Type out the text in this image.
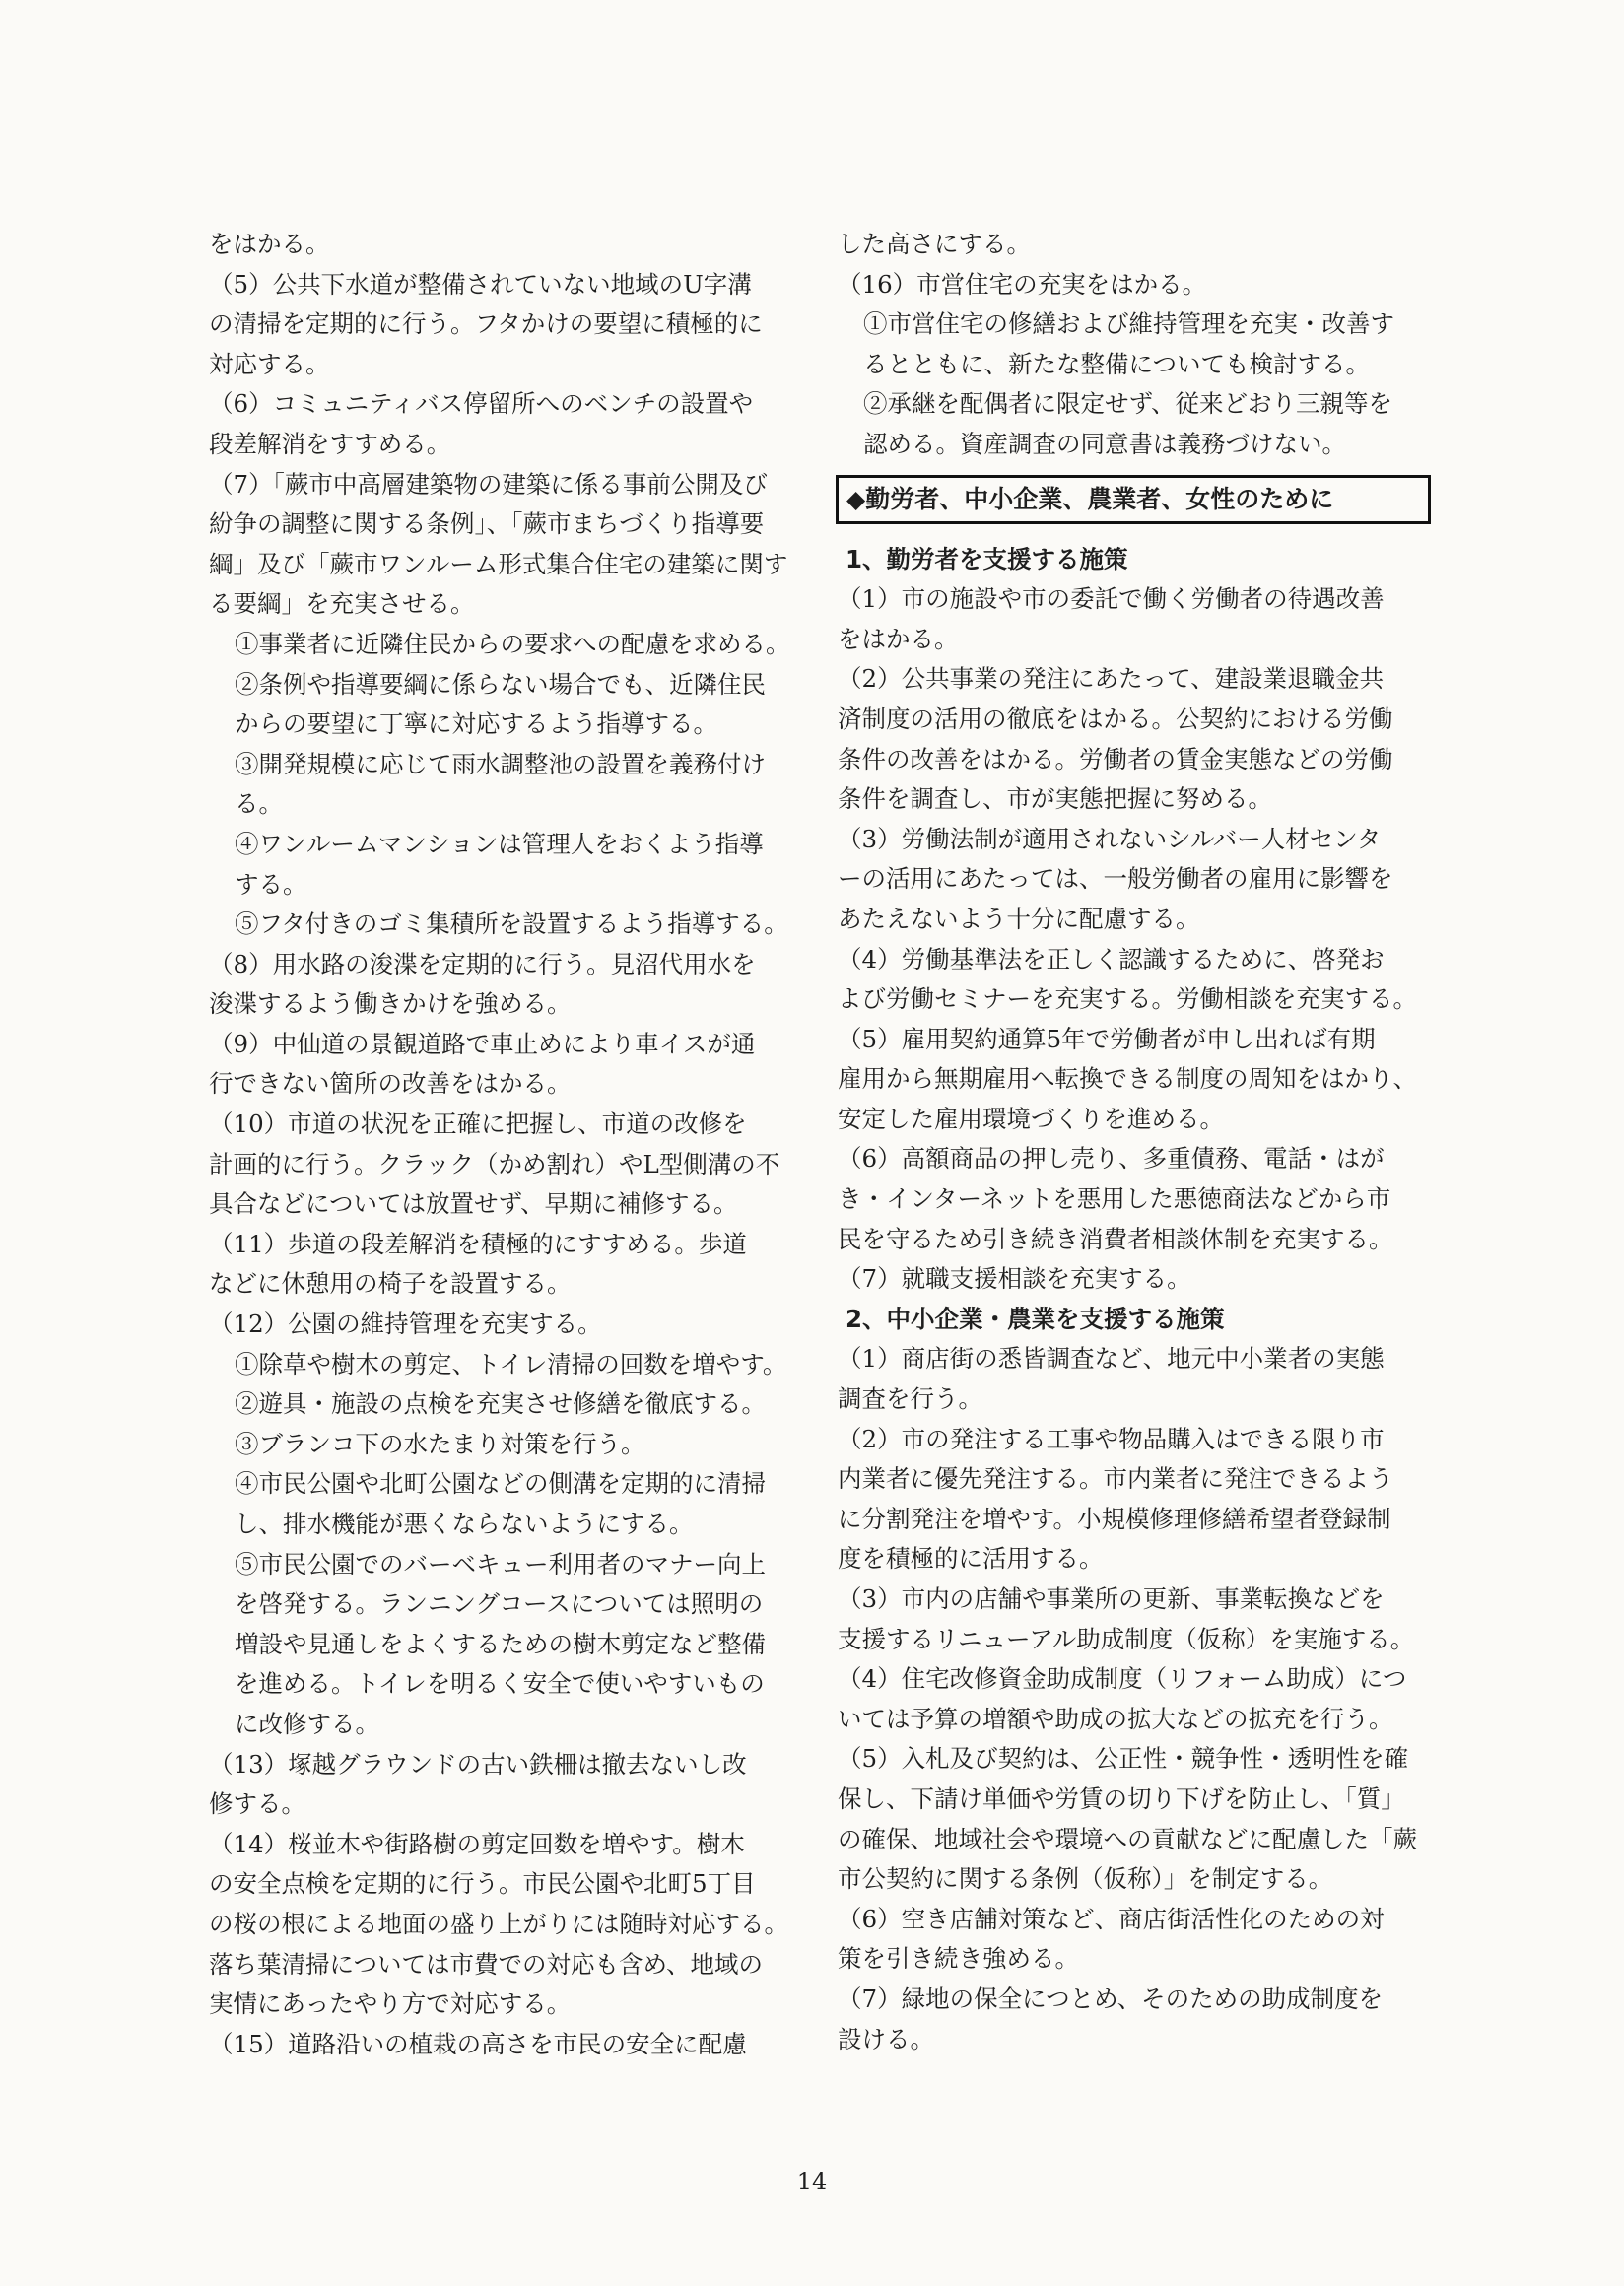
をはかる。
（5）公共下水道が整備されていない地域のU字溝
の清掃を定期的に行う。フタかけの要望に積極的に
対応する。
（6）コミュニティバス停留所へのベンチの設置や
段差解消をすすめる。
（7）「蕨市中高層建築物の建築に係る事前公開及び
紛争の調整に関する条例」、「蕨市まちづくり指導要
綱」及び「蕨市ワンルーム形式集合住宅の建築に関す
る要綱」を充実させる。
①事業者に近隣住民からの要求への配慮を求める。
②条例や指導要綱に係らない場合でも、近隣住民
からの要望に丁寧に対応するよう指導する。
③開発規模に応じて雨水調整池の設置を義務付け
る。
④ワンルームマンションは管理人をおくよう指導
する。
⑤フタ付きのゴミ集積所を設置するよう指導する。
（8）用水路の浚渫を定期的に行う。見沼代用水を
浚渫するよう働きかけを強める。
（9）中仙道の景観道路で車止めにより車イスが通
行できない箇所の改善をはかる。
（10）市道の状況を正確に把握し、市道の改修を
計画的に行う。クラック（かめ割れ）やL型側溝の不
具合などについては放置せず、早期に補修する。
（11）歩道の段差解消を積極的にすすめる。歩道
などに休憩用の椅子を設置する。
（12）公園の維持管理を充実する。
①除草や樹木の剪定、トイレ清掃の回数を増やす。
②遊具・施設の点検を充実させ修繕を徹底する。
③ブランコ下の水たまり対策を行う。
④市民公園や北町公園などの側溝を定期的に清掃
し、排水機能が悪くならないようにする。
⑤市民公園でのバーベキュー利用者のマナー向上
を啓発する。ランニングコースについては照明の
増設や見通しをよくするための樹木剪定など整備
を進める。トイレを明るく安全で使いやすいもの
に改修する。
（13）塚越グラウンドの古い鉄柵は撤去ないし改
修する。
（14）桜並木や街路樹の剪定回数を増やす。樹木
の安全点検を定期的に行う。市民公園や北町5丁目
の桜の根による地面の盛り上がりには随時対応する。
落ち葉清掃については市費での対応も含め、地域の
実情にあったやり方で対応する。
（15）道路沿いの植栽の高さを市民の安全に配慮
した高さにする。
（16）市営住宅の充実をはかる。
①市営住宅の修繕および維持管理を充実・改善す
るとともに、新たな整備についても検討する。
②承継を配偶者に限定せず、従来どおり三親等を
認める。資産調査の同意書は義務づけない。
◆勤労者、中小企業、農業者、女性のために
1、勤労者を支援する施策
（1）市の施設や市の委託で働く労働者の待遇改善
をはかる。
（2）公共事業の発注にあたって、建設業退職金共
済制度の活用の徹底をはかる。公契約における労働
条件の改善をはかる。労働者の賃金実態などの労働
条件を調査し、市が実態把握に努める。
（3）労働法制が適用されないシルバー人材センタ
ーの活用にあたっては、一般労働者の雇用に影響を
あたえないよう十分に配慮する。
（4）労働基準法を正しく認識するために、啓発お
よび労働セミナーを充実する。労働相談を充実する。
（5）雇用契約通算5年で労働者が申し出れば有期
雇用から無期雇用へ転換できる制度の周知をはかり、
安定した雇用環境づくりを進める。
（6）高額商品の押し売り、多重債務、電話・はが
き・インターネットを悪用した悪徳商法などから市
民を守るため引き続き消費者相談体制を充実する。
（7）就職支援相談を充実する。
2、中小企業・農業を支援する施策
（1）商店街の悉皆調査など、地元中小業者の実態
調査を行う。
（2）市の発注する工事や物品購入はできる限り市
内業者に優先発注する。市内業者に発注できるよう
に分割発注を増やす。小規模修理修繕希望者登録制
度を積極的に活用する。
（3）市内の店舗や事業所の更新、事業転換などを
支援するリニューアル助成制度（仮称）を実施する。
（4）住宅改修資金助成制度（リフォーム助成）につ
いては予算の増額や助成の拡大などの拡充を行う。
（5）入札及び契約は、公正性・競争性・透明性を確
保し、下請け単価や労賃の切り下げを防止し、「質」
の確保、地域社会や環境への貢献などに配慮した「蕨
市公契約に関する条例（仮称）」を制定する。
（6）空き店舗対策など、商店街活性化のための対
策を引き続き強める。
（7）緑地の保全につとめ、そのための助成制度を
設ける。
14
